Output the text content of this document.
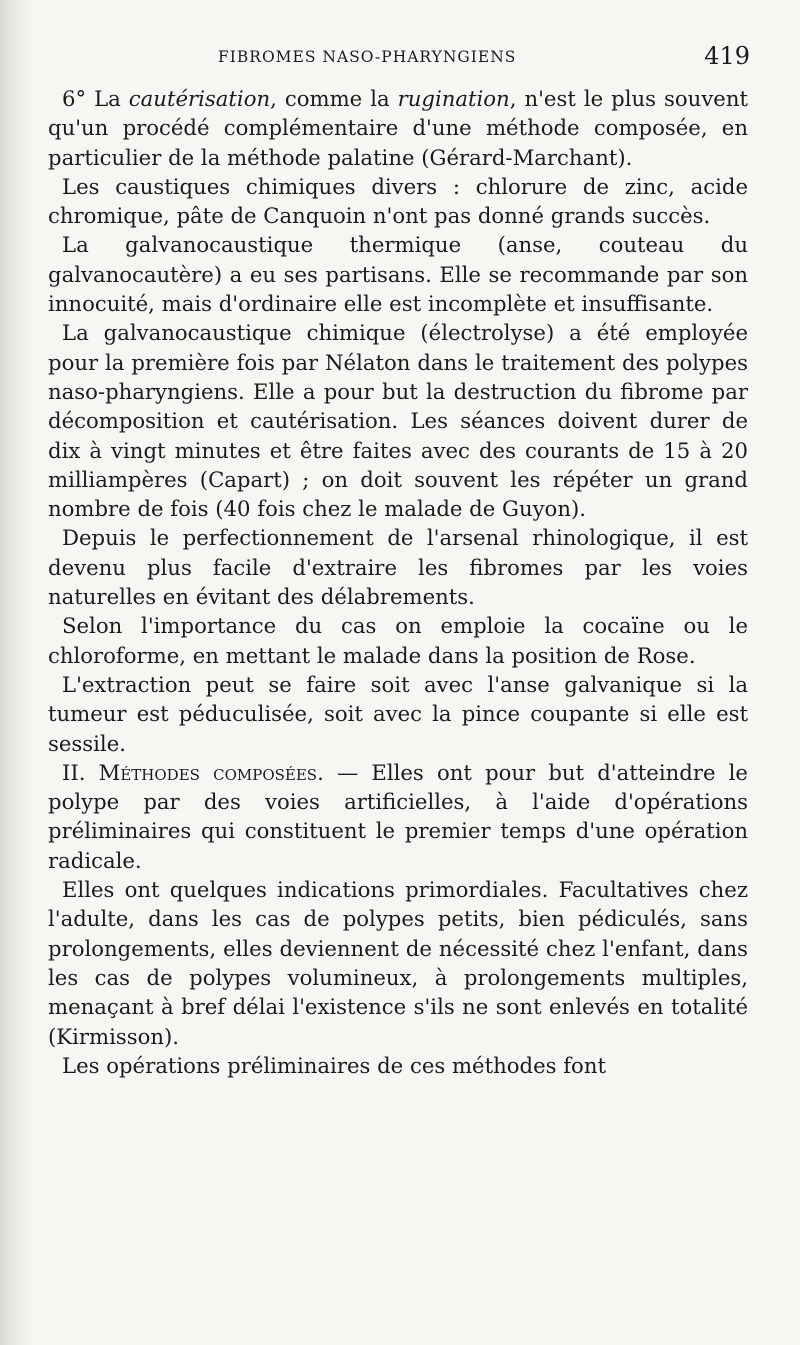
FIBROMES NASO-PHARYNGIENS	419

6° La cautérisation, comme la rugination, n'est le plus souvent qu'un procédé complémentaire d'une méthode composée, en particulier de la méthode palatine (Gérard-Marchant).

Les caustiques chimiques divers : chlorure de zinc, acide chromique, pâte de Canquoin n'ont pas donné grands succès.

La galvanocaustique thermique (anse, couteau du galvanocautère) a eu ses partisans. Elle se recommande par son innocuité, mais d'ordinaire elle est incomplète et insuffisante.

La galvanocaustique chimique (électrolyse) a été employée pour la première fois par Nélaton dans le traitement des polypes naso-pharyngiens. Elle a pour but la destruction du fibrome par décomposition et cautérisation. Les séances doivent durer de dix à vingt minutes et être faites avec des courants de 15 à 20 milliampères (Capart) ; on doit souvent les répéter un grand nombre de fois (40 fois chez le malade de Guyon).

Depuis le perfectionnement de l'arsenal rhinologique, il est devenu plus facile d'extraire les fibromes par les voies naturelles en évitant des délabrements.

Selon l'importance du cas on emploie la cocaïne ou le chloroforme, en mettant le malade dans la position de Rose.

L'extraction peut se faire soit avec l'anse galvanique si la tumeur est péduculisée, soit avec la pince coupante si elle est sessile.

II. Méthodes composées. — Elles ont pour but d'atteindre le polype par des voies artificielles, à l'aide d'opérations préliminaires qui constituent le premier temps d'une opération radicale.

Elles ont quelques indications primordiales. Facultatives chez l'adulte, dans les cas de polypes petits, bien pédiculés, sans prolongements, elles deviennent de nécessité chez l'enfant, dans les cas de polypes volumineux, à prolongements multiples, menaçant à bref délai l'existence s'ils ne sont enlevés en totalité (Kirmisson).

Les opérations préliminaires de ces méthodes font
